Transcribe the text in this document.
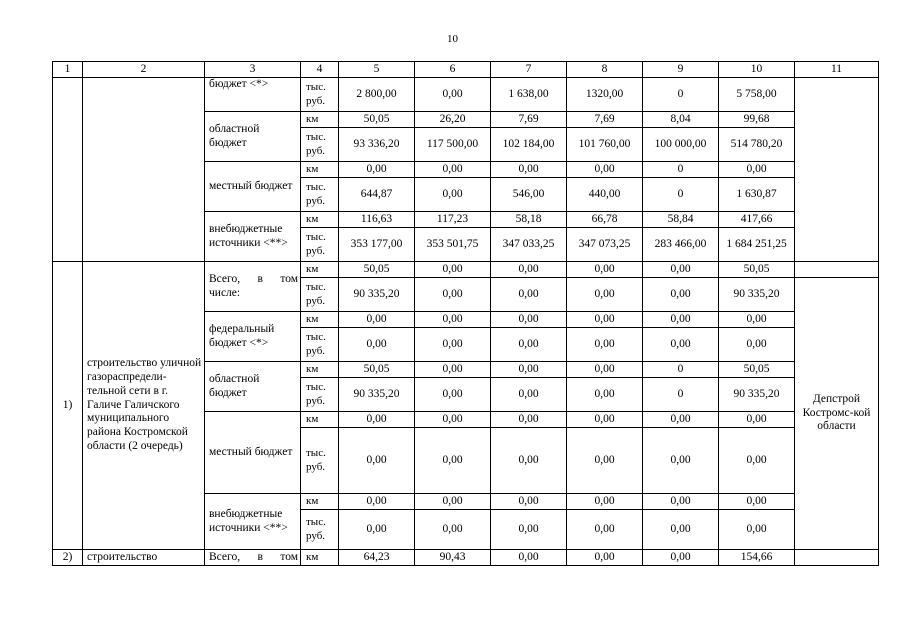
10
1	2	3	4	5	6	7	8	9	10	11
		бюджет <*>	тыс. руб.	2 800,00	0,00	1 638,00	1320,00	0	5 758,00	
		областной бюджет	км	50,05	26,20	7,69	7,69	8,04	99,68	
			тыс. руб.	93 336,20	117 500,00	102 184,00	101 760,00	100 000,00	514 780,20	
		местный бюджет	км	0,00	0,00	0,00	0,00	0	0,00	
			тыс. руб.	644,87	0,00	546,00	440,00	0	1 630,87	
		внебюджетные источники <**>	км	116,63	117,23	58,18	66,78	58,84	417,66	
			тыс. руб.	353 177,00	353 501,75	347 033,25	347 073,25	283 466,00	1 684 251,25	

1)	строительство уличной газораспредели-тельной сети в г. Галиче Галичского муниципального района Костромской области (2 очередь)	Всего, в том числе:	км	50,05	0,00	0,00	0,00	0,00	50,05	
			тыс. руб.	90 335,20	0,00	0,00	0,00	0,00	90 335,20	Депстрой Костромс-кой области
		федеральный бюджет <*>	км	0,00	0,00	0,00	0,00	0,00	0,00	
			тыс. руб.	0,00	0,00	0,00	0,00	0,00	0,00	
		областной бюджет	км	50,05	0,00	0,00	0,00	0	50,05	
			тыс. руб.	90 335,20	0,00	0,00	0,00	0	90 335,20	
		местный бюджет	км	0,00	0,00	0,00	0,00	0,00	0,00	
			тыс. руб.	0,00	0,00	0,00	0,00	0,00	0,00	
		внебюджетные источники <**>	км	0,00	0,00	0,00	0,00	0,00	0,00	
			тыс. руб.	0,00	0,00	0,00	0,00	0,00	0,00	
2)	строительство	Всего, в том	км	64,23	90,43	0,00	0,00	0,00	154,66	
